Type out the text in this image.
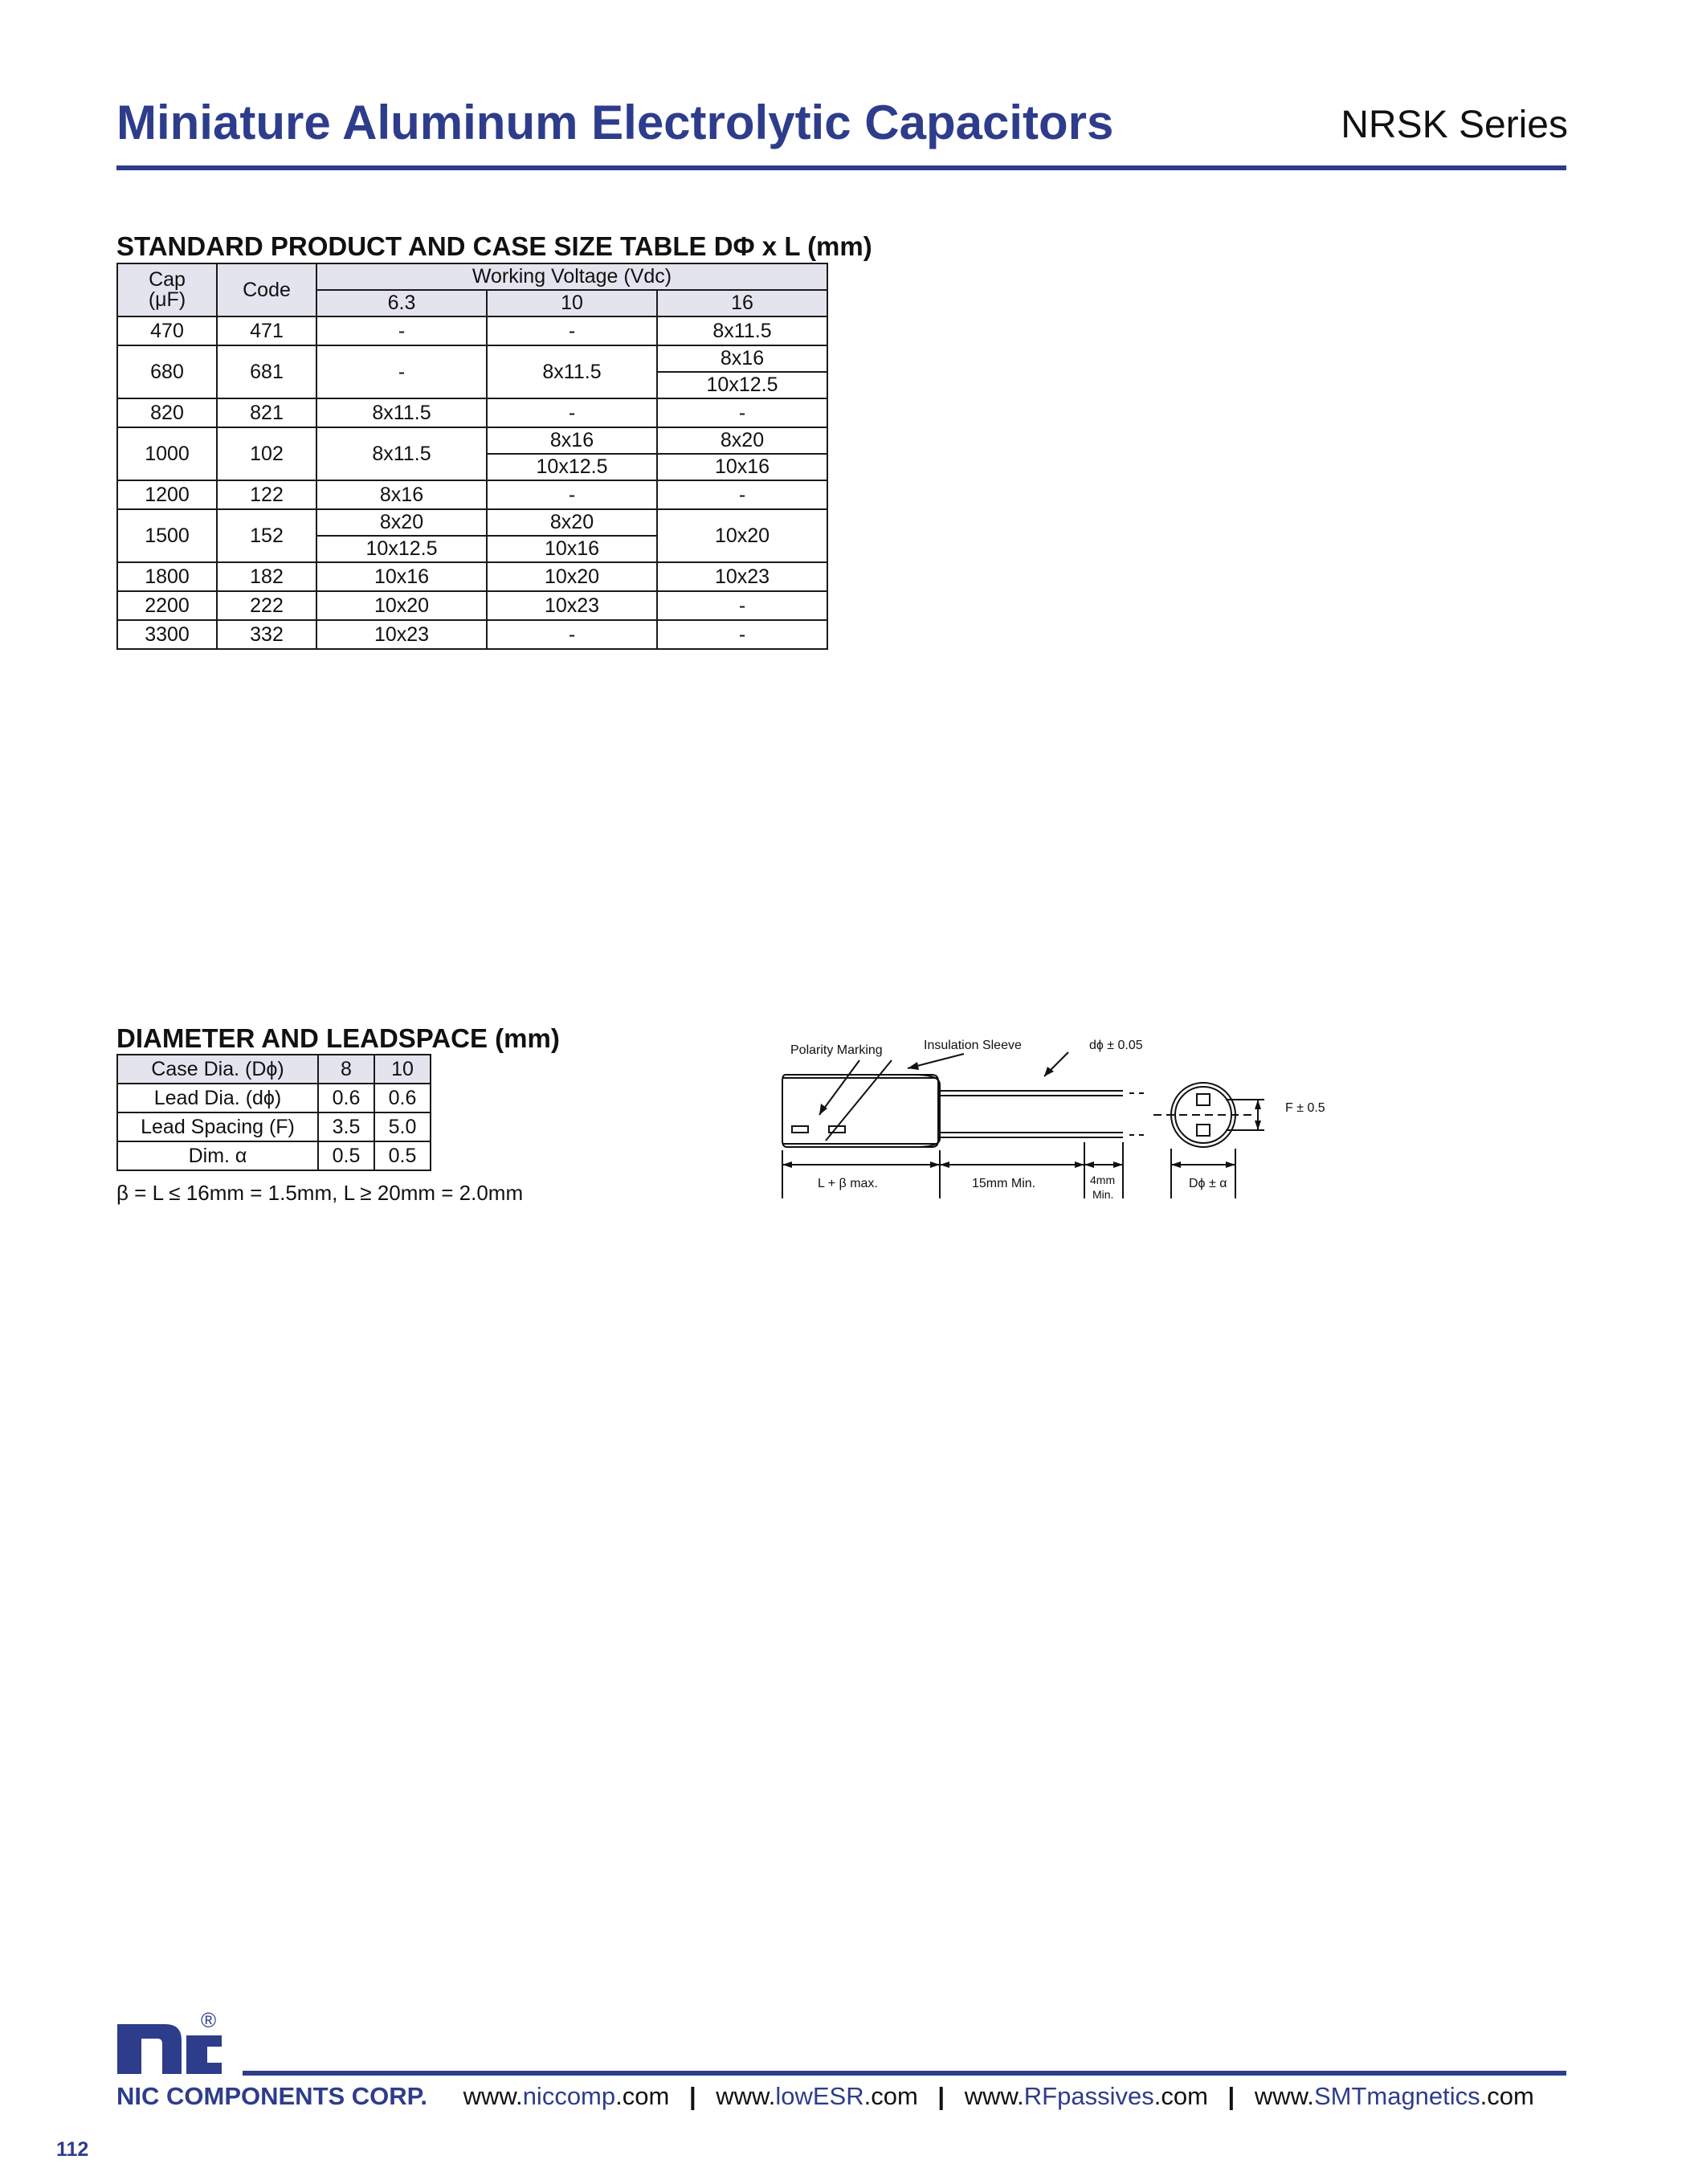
Miniature Aluminum Electrolytic Capacitors	NRSK Series
STANDARD PRODUCT AND CASE SIZE TABLE DΦ x L (mm)
Cap
(μF)	Code	Working Voltage (Vdc)		
		6.3	10	16
470	471	-	-	8x11.5
680	681	-	8x11.5	8x16
				10x12.5
820	821	8x11.5	-	-
1000	102	8x11.5	8x16	8x20
			10x12.5	10x16
1200	122	8x16	-	-
1500	152	8x20	8x20	10x20
		10x12.5	10x16	
1800	182	10x16	10x20	10x23
2200	222	10x20	10x23	-
3300	332	10x23	-	-
DIAMETER AND LEADSPACE (mm)
Case Dia. (Dϕ)	8	10
Lead Dia. (dϕ)	0.6	0.6
Lead Spacing (F)	3.5	5.0
Dim. α	0.5	0.5
β = L ≤ 16mm = 1.5mm, L ≥ 20mm = 2.0mm
Polarity Marking	Insulation Sleeve	dϕ ± 0.05
F ± 0.5
L + β max.	15mm Min.	4mm
Min.
Dϕ ± α
®
NIC COMPONENTS CORP. www.niccomp.com | www.lowESR.com | www.RFpassives.com | www.SMTmagnetics.com
112
